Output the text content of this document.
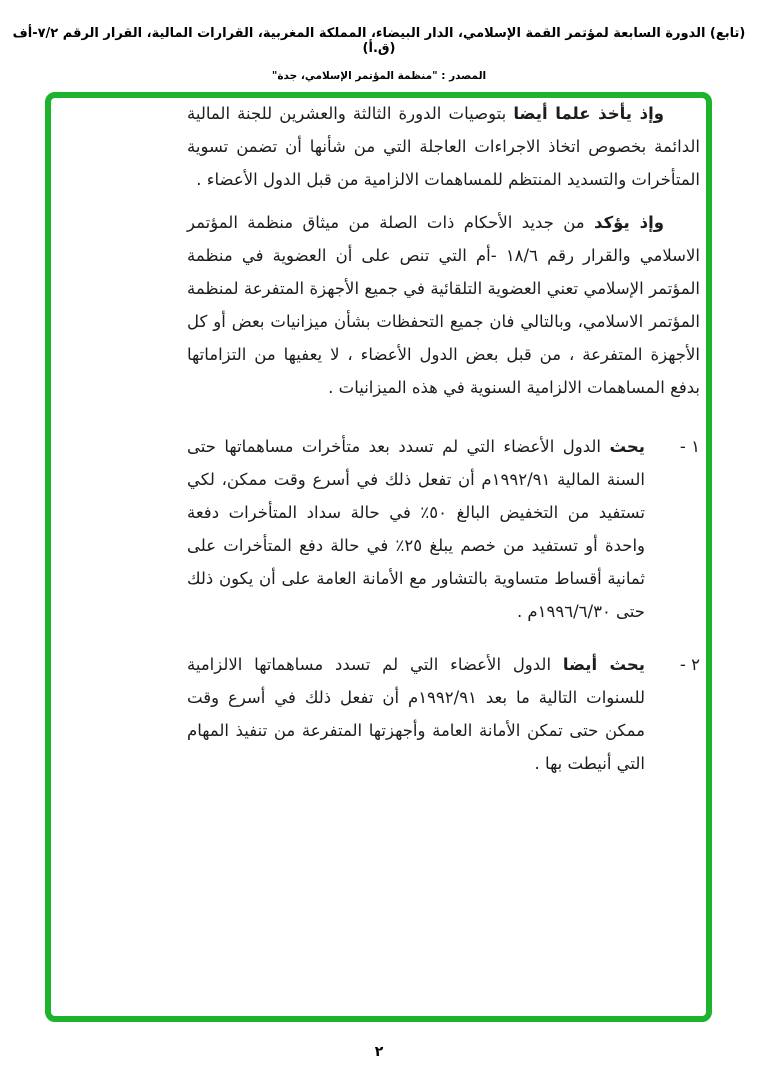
(تابع) الدورة السابعة لمؤتمر القمة الإسلامي، الدار البيضاء، المملكة المغربية، القرارات المالية، القرار الرقم ٧/٢-أف (ق.أ)
المصدر : "منظمة المؤتمر الإسلامي، جدة"

وإذ يأخذ علما أيضا بتوصيات الدورة الثالثة والعشرين للجنة المالية الدائمة بخصوص اتخاذ الاجراءات العاجلة التي من شأنها أن تضمن تسوية المتأخرات والتسديد المنتظم للمساهمات الالزامية من قبل الدول الأعضاء .

وإذ يؤكد من جديد الأحكام ذات الصلة من ميثاق منظمة المؤتمر الاسلامي والقرار رقم ١٨/٦ -أم التي تنص على أن العضوية في منظمة المؤتمر الإسلامي تعني العضوية التلقائية في جميع الأجهزة المتفرعة لمنظمة المؤتمر الاسلامي، وبالتالي فان جميع التحفظات بشأن ميزانيات بعض أو كل الأجهزة المتفرعة ، من قبل بعض الدول الأعضاء ، لا يعفيها من التزاماتها بدفع المساهمات الالزامية السنوية في هذه الميزانيات .

١ -

يحث الدول الأعضاء التي لم تسدد بعد متأخرات مساهماتها حتى السنة المالية ١٩٩٢/٩١م أن تفعل ذلك في أسرع وقت ممكن، لكي تستفيد من التخفيض البالغ ٥٠٪ في حالة سداد المتأخرات دفعة واحدة أو تستفيد من خصم يبلغ ٢٥٪ في حالة دفع المتأخرات على ثمانية أقساط متساوية بالتشاور مع الأمانة العامة على أن يكون ذلك حتى ١٩٩٦/٦/٣٠م .

٢ -

يحث أيضا الدول الأعضاء التي لم تسدد مساهماتها الالزامية للسنوات التالية ما بعد ١٩٩٢/٩١م أن تفعل ذلك في أسرع وقت ممكن حتى تمكن الأمانة العامة وأجهزتها المتفرعة من تنفيذ المهام التي أنيطت بها .

٢
